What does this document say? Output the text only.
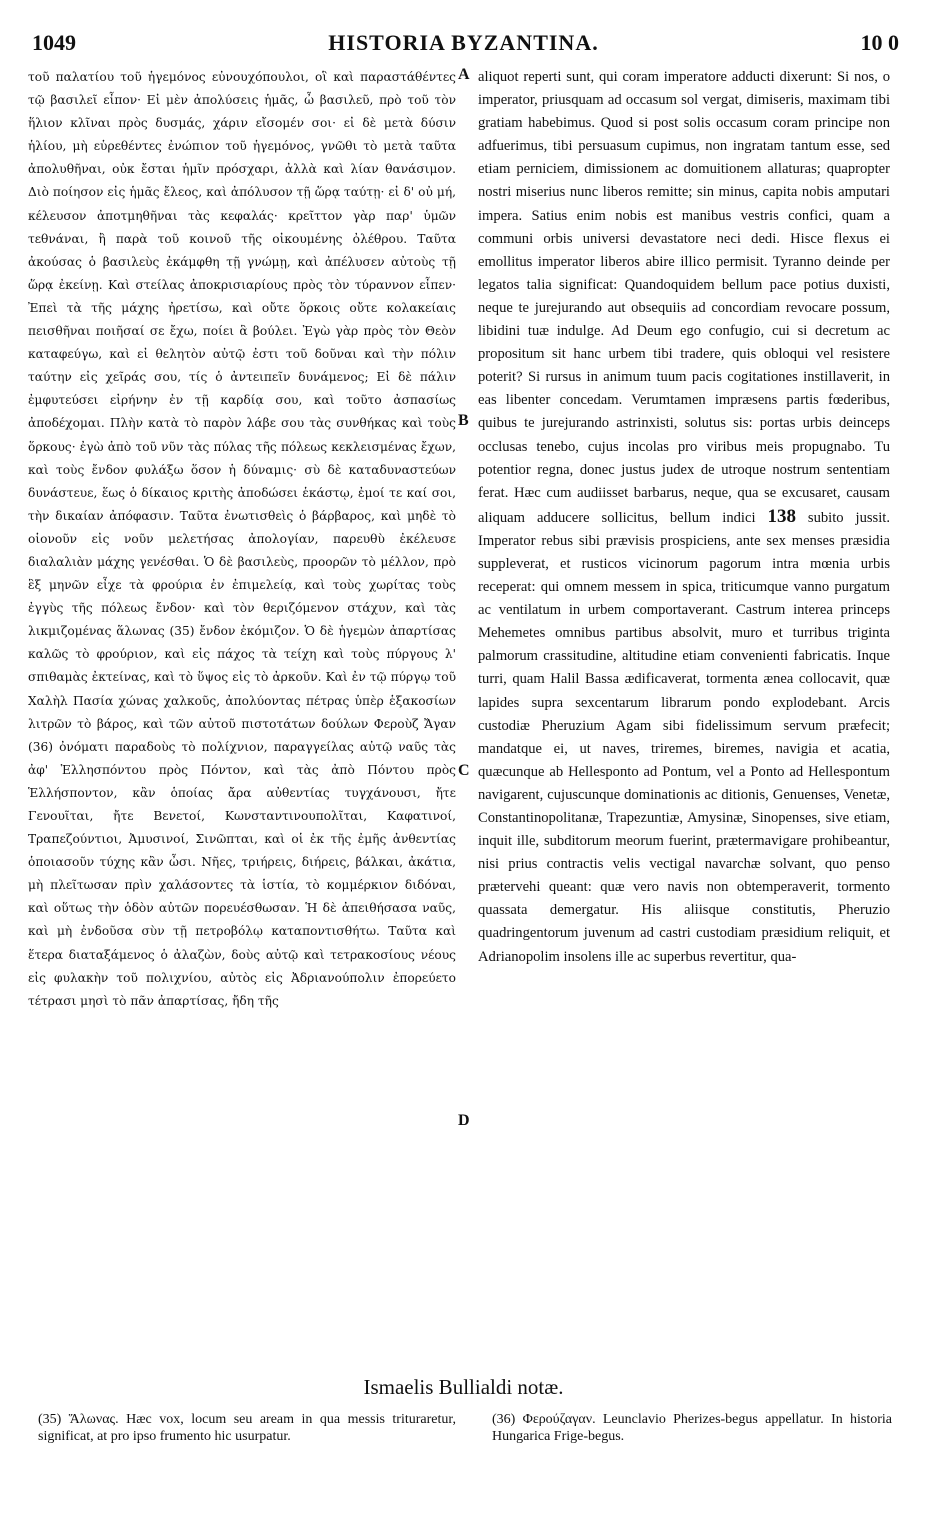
1049	HISTORIA BYZANTINA.	10 0

τοῦ παλατίου τοῦ ἡγεμόνος εὐνουχόπουλοι, οἳ καὶ παραστάθέντες τῷ βασιλεῖ εἶπον· Εἰ μὲν ἀπολύσεις ἡμᾶς, ὦ βασιλεῦ, πρὸ τοῦ τὸν ἥλιον κλῖναι πρὸς δυσμάς, χάριν εἴσομέν σοι· εἰ δὲ μετὰ δύσιν ἡλίου, μὴ εὑρεθέντες ἐνώπιον τοῦ ἡγεμόνος, γνῶθι τὸ μετὰ ταῦτα ἀπολυθῆναι, οὐκ ἔσται ἡμῖν πρόσχαρι, ἀλλὰ καὶ λίαν θανάσιμον. Διὸ ποίησον εἰς ἡμᾶς ἔλεος, καὶ ἀπόλυσον τῇ ὥρᾳ ταύτῃ· εἰ δ' οὐ μή, κέλευσον ἀποτμηθῆναι τὰς κεφαλάς· κρεῖττον γὰρ παρ' ὑμῶν τεθνάναι, ἢ παρὰ τοῦ κοινοῦ τῆς οἰκουμένης ὀλέθρου. Ταῦτα ἀκούσας ὁ βασιλεὺς ἐκάμφθη τῇ γνώμῃ, καὶ ἀπέλυσεν αὐτοὺς τῇ ὥρᾳ ἐκείνῃ. Καὶ στείλας ἀποκρισιαρίους πρὸς τὸν τύραννον εἶπεν· Ἐπεὶ τὰ τῆς μάχης ἠρετίσω, καὶ οὔτε ὅρκοις οὔτε κολακείαις πεισθῆναι ποιῆσαί σε ἔχω, ποίει ἃ βούλει. Ἐγὼ γὰρ πρὸς τὸν Θεὸν καταφεύγω, καὶ εἰ θελητὸν αὐτῷ ἐστι τοῦ δοῦναι καὶ τὴν πόλιν ταύτην εἰς χεῖράς σου, τίς ὁ ἀντειπεῖν δυνάμενος; Εἰ δὲ πάλιν ἐμφυτεύσει εἰρήνην ἐν τῇ καρδίᾳ σου, καὶ τοῦτο ἀσπασίως ἀποδέχομαι. Πλὴν κατὰ τὸ παρὸν λάβε σου τὰς συνθήκας καὶ τοὺς ὅρκους· ἐγὼ ἀπὸ τοῦ νῦν τὰς πύλας τῆς πόλεως κεκλεισμένας ἔχων, καὶ τοὺς ἔνδον φυλάξω ὅσον ἡ δύναμις· σὺ δὲ καταδυναστεύων δυνάστευε, ἕως ὁ δίκαιος κριτὴς ἀποδώσει ἑκάστῳ, ἐμοί τε καί σοι, τὴν δικαίαν ἀπόφασιν. Ταῦτα ἐνωτισθεὶς ὁ βάρβαρος, καὶ μηδὲ τὸ οἱονοῦν εἰς νοῦν μελετήσας ἀπολογίαν, παρευθὺ ἐκέλευσε διαλαλιὰν μάχης γενέσθαι. Ὁ δὲ βασιλεὺς, προορῶν τὸ μέλλον, πρὸ ἓξ μηνῶν εἶχε τὰ φρούρια ἐν ἐπιμελείᾳ, καὶ τοὺς χωρίτας τοὺς ἐγγὺς τῆς πόλεως ἔνδον· καὶ τὸν θεριζόμενον στάχυν, καὶ τὰς λικμιζομένας ἅλωνας (35) ἔνδον ἐκόμιζον. Ὁ δὲ ἡγεμὼν ἀπαρτίσας καλῶς τὸ φρούριον, καὶ εἰς πάχος τὰ τείχη καὶ τοὺς πύργους λ' σπιθαμὰς ἐκτείνας, καὶ τὸ ὕψος εἰς τὸ ἀρκοῦν. Καὶ ἐν τῷ πύργῳ τοῦ Χαλὴλ Πασία χώνας χαλκοῦς, ἀπολύοντας πέτρας ὑπὲρ ἑξακοσίων λιτρῶν τὸ βάρος, καὶ τῶν αὐτοῦ πιστοτάτων δούλων Φεροὺζ Ἄγαν (36) ὀνόματι παραδοὺς τὸ πολίχνιον, παραγγείλας αὐτῷ ναῦς τὰς ἀφ' Ἑλλησπόντου πρὸς Πόντον, καὶ τὰς ἀπὸ Πόντου πρὸς Ἑλλήσποντον, κἂν ὁποίας ἄρα αὐθεντίας τυγχάνουσι, ἤτε Γενουῖται, ἤτε Βενετοί, Κωνσταντινουπολῖται, Καφατινοί, Τραπεζούντιοι, Ἀμυσινοί, Σινῶπται, καὶ οἱ ἐκ τῆς ἐμῆς ἀνθεντίας ὁποιασοῦν τύχης κἂν ὦσι. Νῆες, τριήρεις, διήρεις, βάλκαι, ἀκάτια, μὴ πλεῖτωσαν πρὶν χαλάσοντες τὰ ἱστία, τὸ κομμέρκιον διδόναι, καὶ οὕτως τὴν ὁδὸν αὐτῶν πορευέσθωσαν. Ἡ δὲ ἀπειθήσασα ναῦς, καὶ μὴ ἐνδοῦσα σὺν τῇ πετροβόλῳ καταποντισθήτω. Ταῦτα καὶ ἕτερα διαταξάμενος ὁ ἀλαζὼν, δοὺς αὐτῷ καὶ τετρακοσίους νέους εἰς φυλακὴν τοῦ πολιχνίου, αὐτὸς εἰς Ἀδριανούπολιν ἐπορεύετο τέτρασι μησὶ τὸ πᾶν ἀπαρτίσας, ἤδη τῆς

A
B
C
D

aliquot reperti sunt, qui coram imperatore adducti dixerunt: Si nos, o imperator, priusquam ad occasum sol vergat, dimiseris, maximam tibi gratiam habebimus. Quod si post solis occasum coram principe non adfuerimus, tibi persuasum cupimus, non ingratam tantum esse, sed etiam perniciem, dimissionem ac domuitionem allaturas; quapropter nostri miserius nunc liberos remitte; sin minus, capita nobis amputari impera. Satius enim nobis est manibus vestris confici, quam a communi orbis universi devastatore neci dedi. Hisce flexus ei emollitus imperator liberos abire illico permisit. Tyranno deinde per legatos talia significat: Quandoquidem bellum pace potius duxisti, neque te jurejurando aut obsequiis ad concordiam revocare possum, libidini tuæ indulge. Ad Deum ego confugio, cui si decretum ac propositum sit hanc urbem tibi tradere, quis obloqui vel resistere poterit? Si rursus in animum tuum pacis cogitationes instillaverit, in eas libenter concedam. Verumtamen impræsens partis fœderibus, quibus te jurejurando astrinxisti, solutus sis: portas urbis deinceps occlusas tenebo, cujus incolas pro viribus meis propugnabo. Tu potentior regna, donec justus judex de utroque nostrum sententiam ferat. Hæc cum audiisset barbarus, neque, qua se excusaret, causam aliquam adducere sollicitus, bellum indici 138 subito jussit. Imperator rebus sibi prævisis prospiciens, ante sex menses præsidia suppleverat, et rusticos vicinorum pagorum intra mœnia urbis receperat: qui omnem messem in spica, triticumque vanno purgatum ac ventilatum in urbem comportaverant. Castrum interea princeps Mehemetes omnibus partibus absolvit, muro et turribus triginta palmorum crassitudine, altitudine etiam convenienti fabricatis. Inque turri, quam Halil Bassa ædificaverat, tormenta ænea collocavit, quæ lapides supra sexcentarum librarum pondo explodebant. Arcis custodiæ Pheruzium Agam sibi fidelissimum servum præfecit; mandatque ei, ut naves, triremes, biremes, navigia et acatia, quæcunque ab Hellesponto ad Pontum, vel a Ponto ad Hellespontum navigarent, cujuscunque dominationis ac ditionis, Genuenses, Venetæ, Constantinopolitanæ, Trapezuntiæ, Amysinæ, Sinopenses, sive etiam, inquit ille, subditorum meorum fuerint, prætermavigare prohibeantur, nisi prius contractis velis vectigal navarchæ solvant, quo penso prætervehi queant: quæ vero navis non obtemperaverit, tormento quassata demergatur. His aliisque constitutis, Pheruzio quadringentorum juvenum ad castri custodiam præsidium reliquit, et Adrianopolim insolens ille ac superbus revertitur, qua-

Ismaelis Bullialdi notæ.
(35) Ἅλωνας. Hæc vox, locum seu aream in qua messis trituraretur, significat, at pro ipso frumento hic usurpatur.
(36) Φερούζαγαν. Leunclavio Pherizes-begus appellatur. In historia Hungarica Frige-begus.
